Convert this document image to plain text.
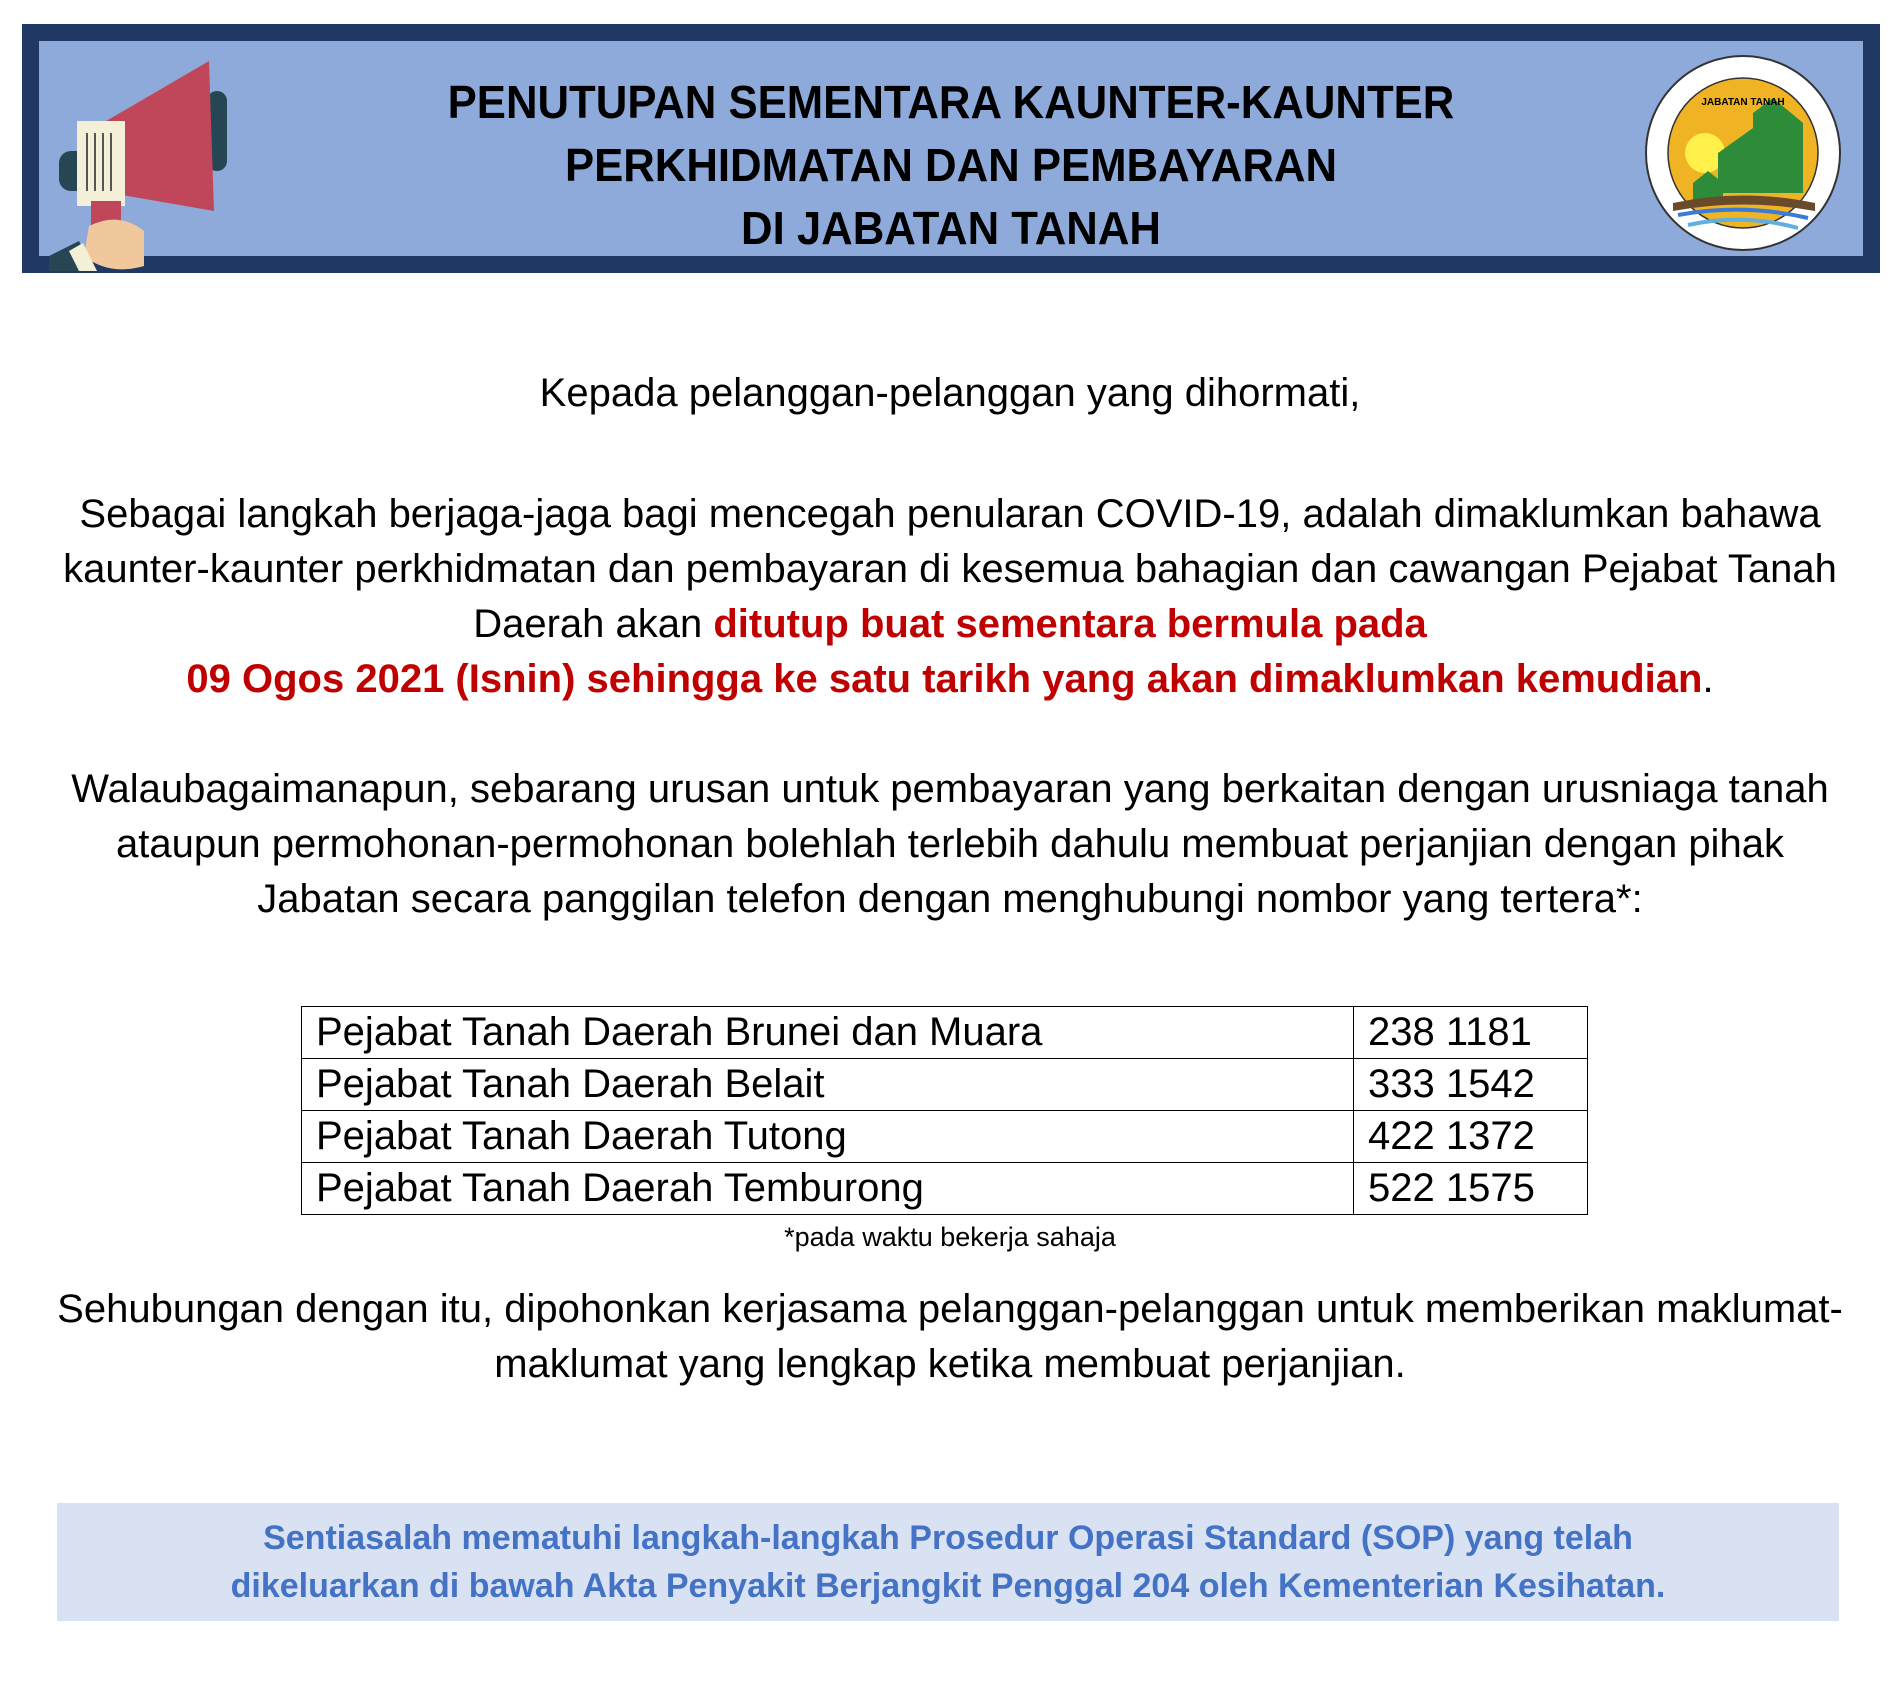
PENUTUPAN SEMENTARA KAUNTER-KAUNTER
PERKHIDMATAN DAN PEMBAYARAN
DI JABATAN TANAH
JABATAN TANAH
Kepada pelanggan-pelanggan yang dihormati,
Sebagai langkah berjaga-jaga bagi mencegah penularan COVID-19, adalah dimaklumkan bahawa kaunter-kaunter perkhidmatan dan pembayaran di kesemua bahagian dan cawangan Pejabat Tanah Daerah akan ditutup buat sementara bermula pada
09 Ogos 2021 (Isnin) sehingga ke satu tarikh yang akan dimaklumkan kemudian.
Walaubagaimanapun, sebarang urusan untuk pembayaran yang berkaitan dengan urusniaga tanah ataupun permohonan-permohonan bolehlah terlebih dahulu membuat perjanjian dengan pihak Jabatan secara panggilan telefon dengan menghubungi nombor yang tertera*:
Pejabat Tanah Daerah Brunei dan Muara	238 1181
Pejabat Tanah Daerah Belait	333 1542
Pejabat Tanah Daerah Tutong	422 1372
Pejabat Tanah Daerah Temburong	522 1575
*pada waktu bekerja sahaja
Sehubungan dengan itu, dipohonkan kerjasama pelanggan-pelanggan untuk memberikan maklumat-maklumat yang lengkap ketika membuat perjanjian.
Sentiasalah mematuhi langkah-langkah Prosedur Operasi Standard (SOP) yang telah
dikeluarkan di bawah Akta Penyakit Berjangkit Penggal 204 oleh Kementerian Kesihatan.
